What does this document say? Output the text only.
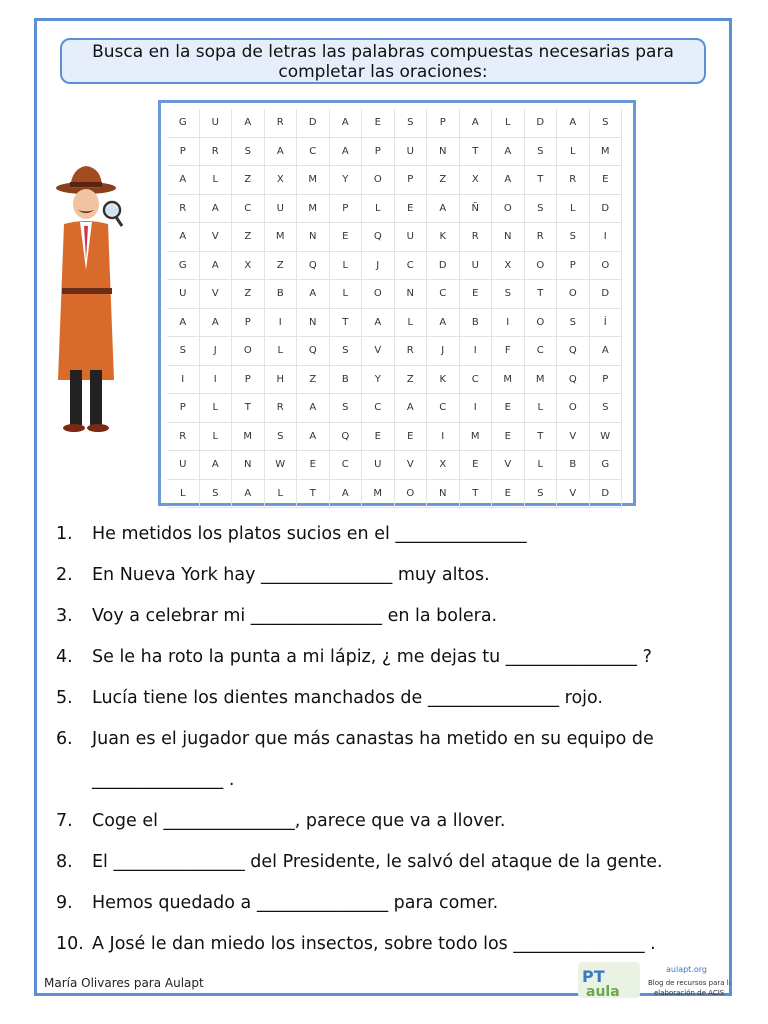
Busca en la sopa de letras las palabras compuestas necesarias para completar las oraciones:
G	U	A	R	D	A	E	S	P	A	L	D	A	S
P	R	S	A	C	A	P	U	N	T	A	S	L	M
A	L	Z	X	M	Y	O	P	Z	X	A	T	R	E
R	A	C	U	M	P	L	E	A	Ñ	O	S	L	D
A	V	Z	M	N	E	Q	U	K	R	N	R	S	I
G	A	X	Z	Q	L	J	C	D	U	X	O	P	O
U	V	Z	B	A	L	O	N	C	E	S	T	O	D
A	A	P	I	N	T	A	L	A	B	I	O	S	Í
S	J	O	L	Q	S	V	R	J	I	F	C	Q	A
I	I	P	H	Z	B	Y	Z	K	C	M	M	Q	P
P	L	T	R	A	S	C	A	C	I	E	L	O	S
R	L	M	S	A	Q	E	E	I	M	E	T	V	W
U	A	N	W	E	C	U	V	X	E	V	L	B	G
L	S	A	L	T	A	M	O	N	T	E	S	V	D
1. He metidos los platos sucios en el _______________
2. En Nueva York hay _______________ muy altos.
3. Voy a celebrar mi _______________ en la bolera.
4. Se le ha roto la punta a mi lápiz, ¿ me dejas tu _______________ ?
5. Lucía tiene los dientes manchados de _______________ rojo.
6. Juan es el jugador que más canastas ha metido en su equipo de
_______________ .
7. Coge el _______________, parece que va a llover.
8. El _______________ del Presidente, le salvó del ataque de la gente.
9. Hemos quedado a _______________ para comer.
10. A José le dan miedo los insectos, sobre todo los _______________ .
María Olivares para Aulapt	PT
aula
aulapt.org
Blog de recursos para la
elaboración de ACIS
